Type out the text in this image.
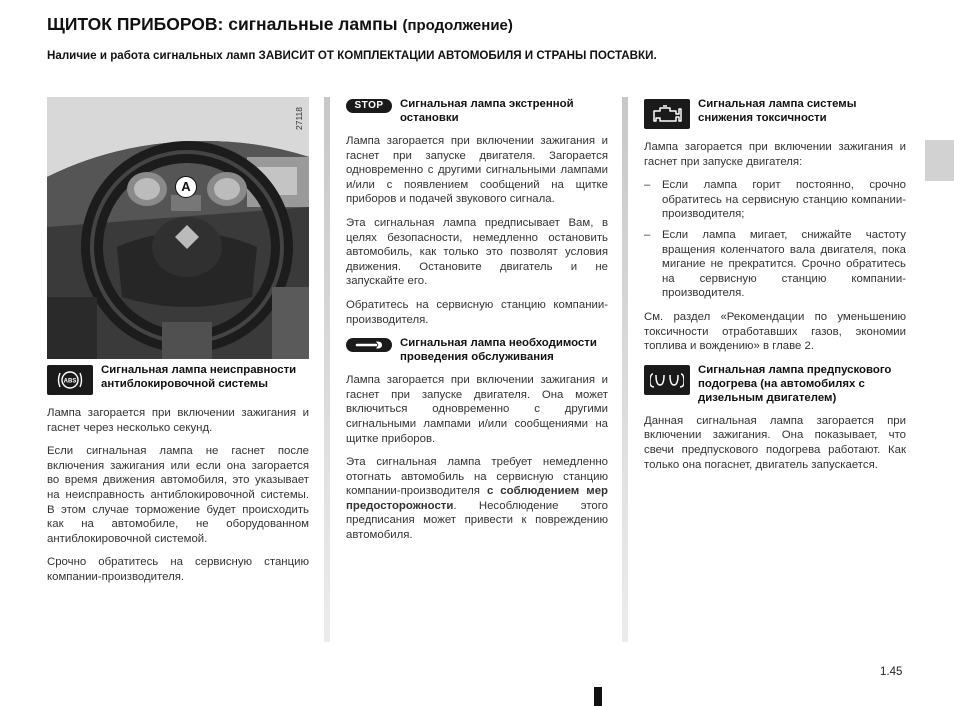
ЩИТОК ПРИБОРОВ: сигнальные лампы (продолжение)
Наличие и работа сигнальных ламп ЗАВИСИТ ОТ КОМПЛЕКТАЦИИ АВТОМОБИЛЯ И СТРАНЫ ПОСТАВКИ.
A
ABS
Сигнальная лампа неисправности антиблокировочной системы

Лампа загорается при включении зажигания и гаснет через несколько секунд.

Если сигнальная лампа не гаснет после включения зажигания или если она загорается во время движения автомобиля, это указывает на неисправность антиблокировочной системы. В этом случае торможение будет происходить как на автомобиле, не оборудованном антиблокировочной системой.

Срочно обратитесь на сервисную станцию компании-производителя.

27118
STOP	Сигнальная лампа экстренной остановки

Лампа загорается при включении зажигания и гаснет при запуске двигателя. Загорается одновременно с другими сигнальными лампами и/или с появлением сообщений на щитке приборов и подачей звукового сигнала.

Эта сигнальная лампа предписывает Вам, в целях безопасности, немедленно остановить автомобиль, как только это позволят условия движения. Остановите двигатель и не запускайте его.

Обратитесь на сервисную станцию компании-производителя.

Сигнальная лампа необходимости проведения обслуживания

Лампа загорается при включении зажигания и гаснет при запуске двигателя. Она может включиться одновременно с другими сигнальными лампами и/или сообщениями на щитке приборов.

Эта сигнальная лампа требует немедленно отогнать автомобиль на сервисную станцию компании-производителя с соблюдением мер предосторожности. Несоблюдение этого предписания может привести к повреждению автомобиля.

Сигнальная лампа системы снижения токсичности

Лампа загорается при включении зажигания и гаснет при запуске двигателя:

– Если лампа горит постоянно, срочно обратитесь на сервисную станцию компании-производителя;
– Если лампа мигает, снижайте частоту вращения коленчатого вала двигателя, пока мигание не прекратится. Срочно обратитесь на сервисную станцию компании-производителя.

См. раздел «Рекомендации по уменьшению токсичности отработавших газов, экономии топлива и вождению» в главе 2.

Сигнальная лампа предпускового подогрева (на автомобилях с дизельным двигателем)

Данная сигнальная лампа загорается при включении зажигания. Она показывает, что свечи предпускового подогрева работают. Как только она погаснет, двигатель запускается.

1.45
